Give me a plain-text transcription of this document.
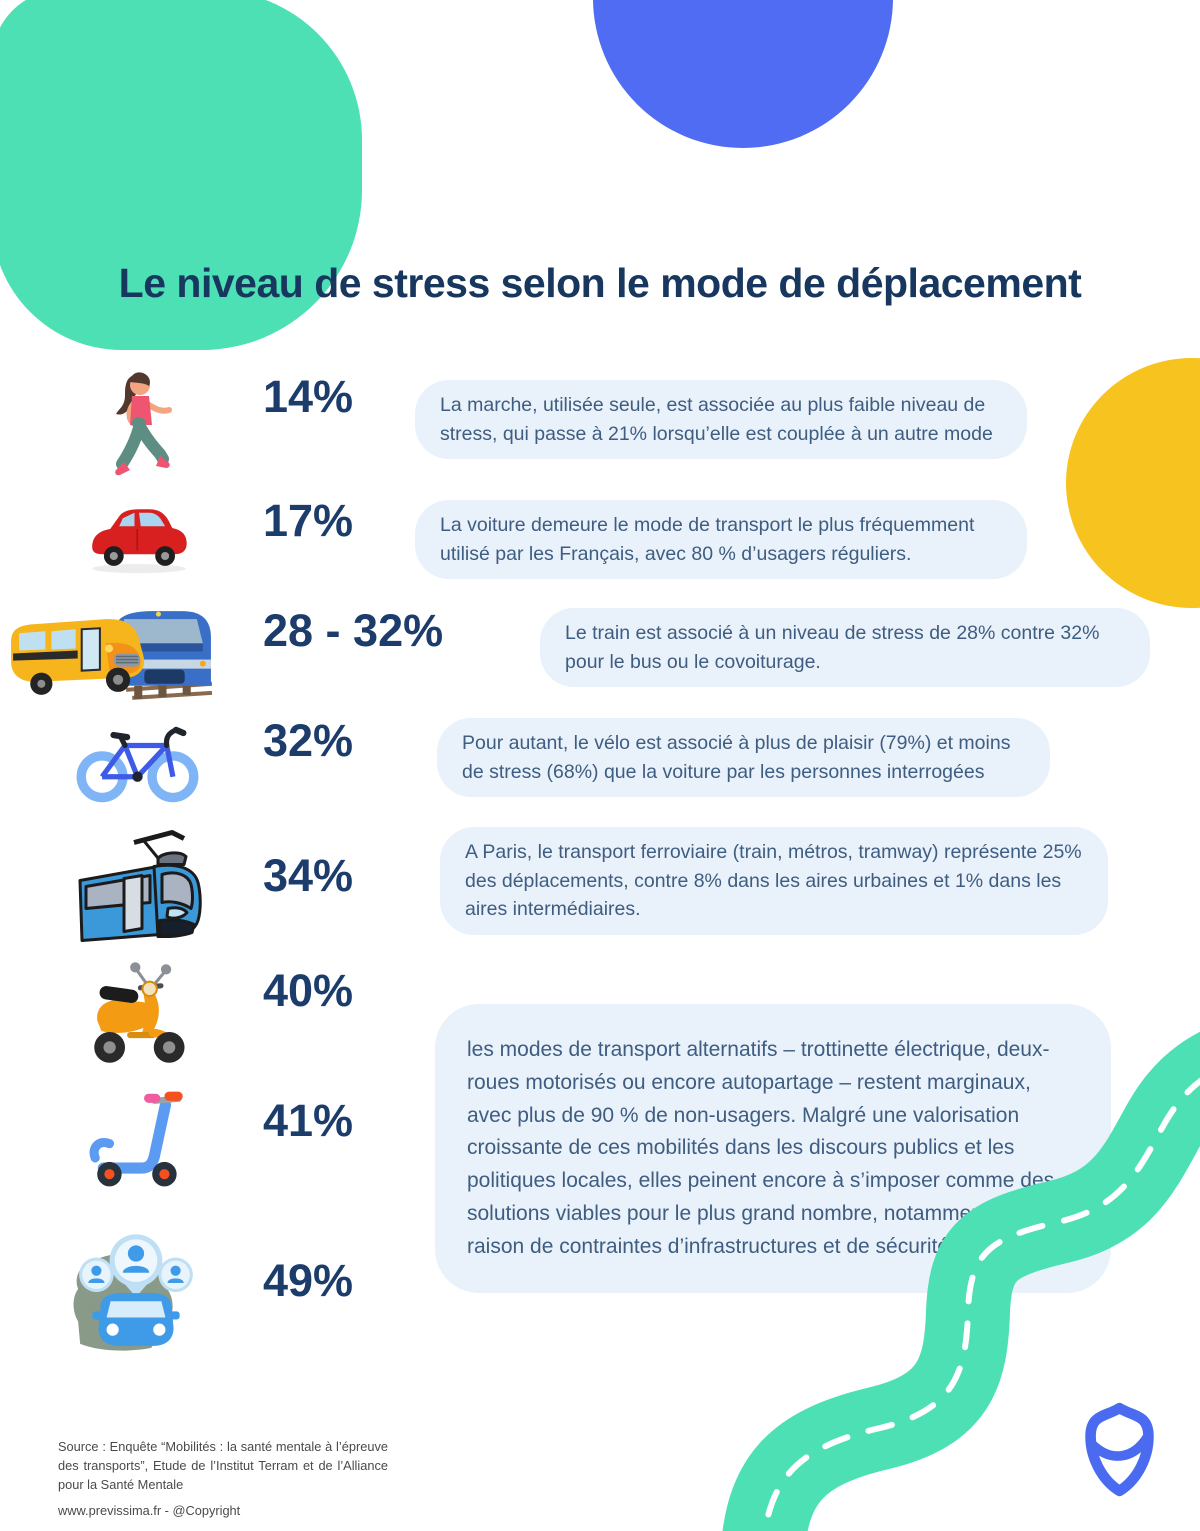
Le niveau de stress selon le mode de déplacement
14%	La marche, utilisée seule, est associée au plus faible niveau de stress, qui passe à 21% lorsqu’elle est couplée à un autre mode
17%	La voiture demeure le mode de transport le plus fréquemment utilisé par les Français, avec 80 % d’usagers réguliers.
28 - 32%	Le train est associé à un niveau de stress de 28% contre 32% pour le bus ou le covoiturage.
32%	Pour autant, le vélo est associé à plus de plaisir (79%) et moins de stress (68%) que la voiture par les personnes interrogées
34%	A Paris, le transport ferroviaire (train, métros, tramway) représente 25% des déplacements, contre 8% dans les aires urbaines et 1% dans les aires intermédiaires.
40%
41%
49%
les modes de transport alternatifs – trottinette électrique, deux-roues motorisés ou encore autopartage – restent marginaux, avec plus de 90 % de non-usagers. Malgré une valorisation croissante de ces mobilités dans les discours publics et les politiques locales, elles peinent encore à s’imposer comme des solutions viables pour le plus grand nombre, notamment en raison de contraintes d’infrastructures et de sécurité.
Source : Enquête “Mobilités : la santé mentale à l’épreuve des transports”, Etude de l’Institut Terram et de l’Alliance pour la Santé Mentale
www.previssima.fr - @Copyright
